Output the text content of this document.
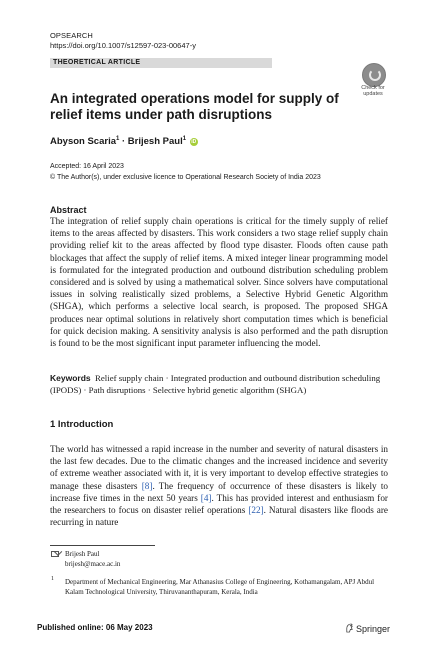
OPSEARCH
https://doi.org/10.1007/s12597-023-00647-y
THEORETICAL ARTICLE
Check for
updates
An integrated operations model for supply of relief items under path disruptions
Abyson Scaria$^1$ · Brijesh Paul$^1$ iD
Accepted: 16 April 2023
© The Author(s), under exclusive licence to Operational Research Society of India 2023
Abstract
The integration of relief supply chain operations is critical for the timely supply of relief items to the areas affected by disasters. This work considers a two stage relief supply chain providing relief kit to the areas affected by flood type disaster. Floods often cause path blockages that affect the supply of relief items. A mixed integer linear programming model is formulated for the integrated production and outbound distribution scheduling problem considered and is solved by using a mathematical solver. Since solvers have computational issues in solving realistically sized problems, a Selective Hybrid Genetic Algorithm (SHGA), which performs a selective local search, is proposed. The proposed SHGA produces near optimal solutions in relatively short computation times which is beneficial for quick decision making. A sensitivity analysis is also performed and the path disruption is found to be the most significant input parameter influencing the model.
Keywords Relief supply chain · Integrated production and outbound distribution scheduling (IPODS) · Path disruptions · Selective hybrid genetic algorithm (SHGA)
1 Introduction
The world has witnessed a rapid increase in the number and severity of natural disasters in the last few decades. Due to the climatic changes and the increased incidence and severity of extreme weather associated with it, it is very important to develop effective strategies to manage these disasters [8]. The frequency of occurrence of these disasters is likely to increase five times in the next 50 years [4]. This has provided interest and enthusiasm for the researchers to focus on disaster relief operations [22]. Natural disasters like floods are recurring in nature
Brijesh Paul
brijesh@mace.ac.in
1 Department of Mechanical Engineering, Mar Athanasius College of Engineering, Kothamangalam, APJ Abdul Kalam Technological University, Thiruvananthapuram, Kerala, India
Published online: 06 May 2023	Springer
